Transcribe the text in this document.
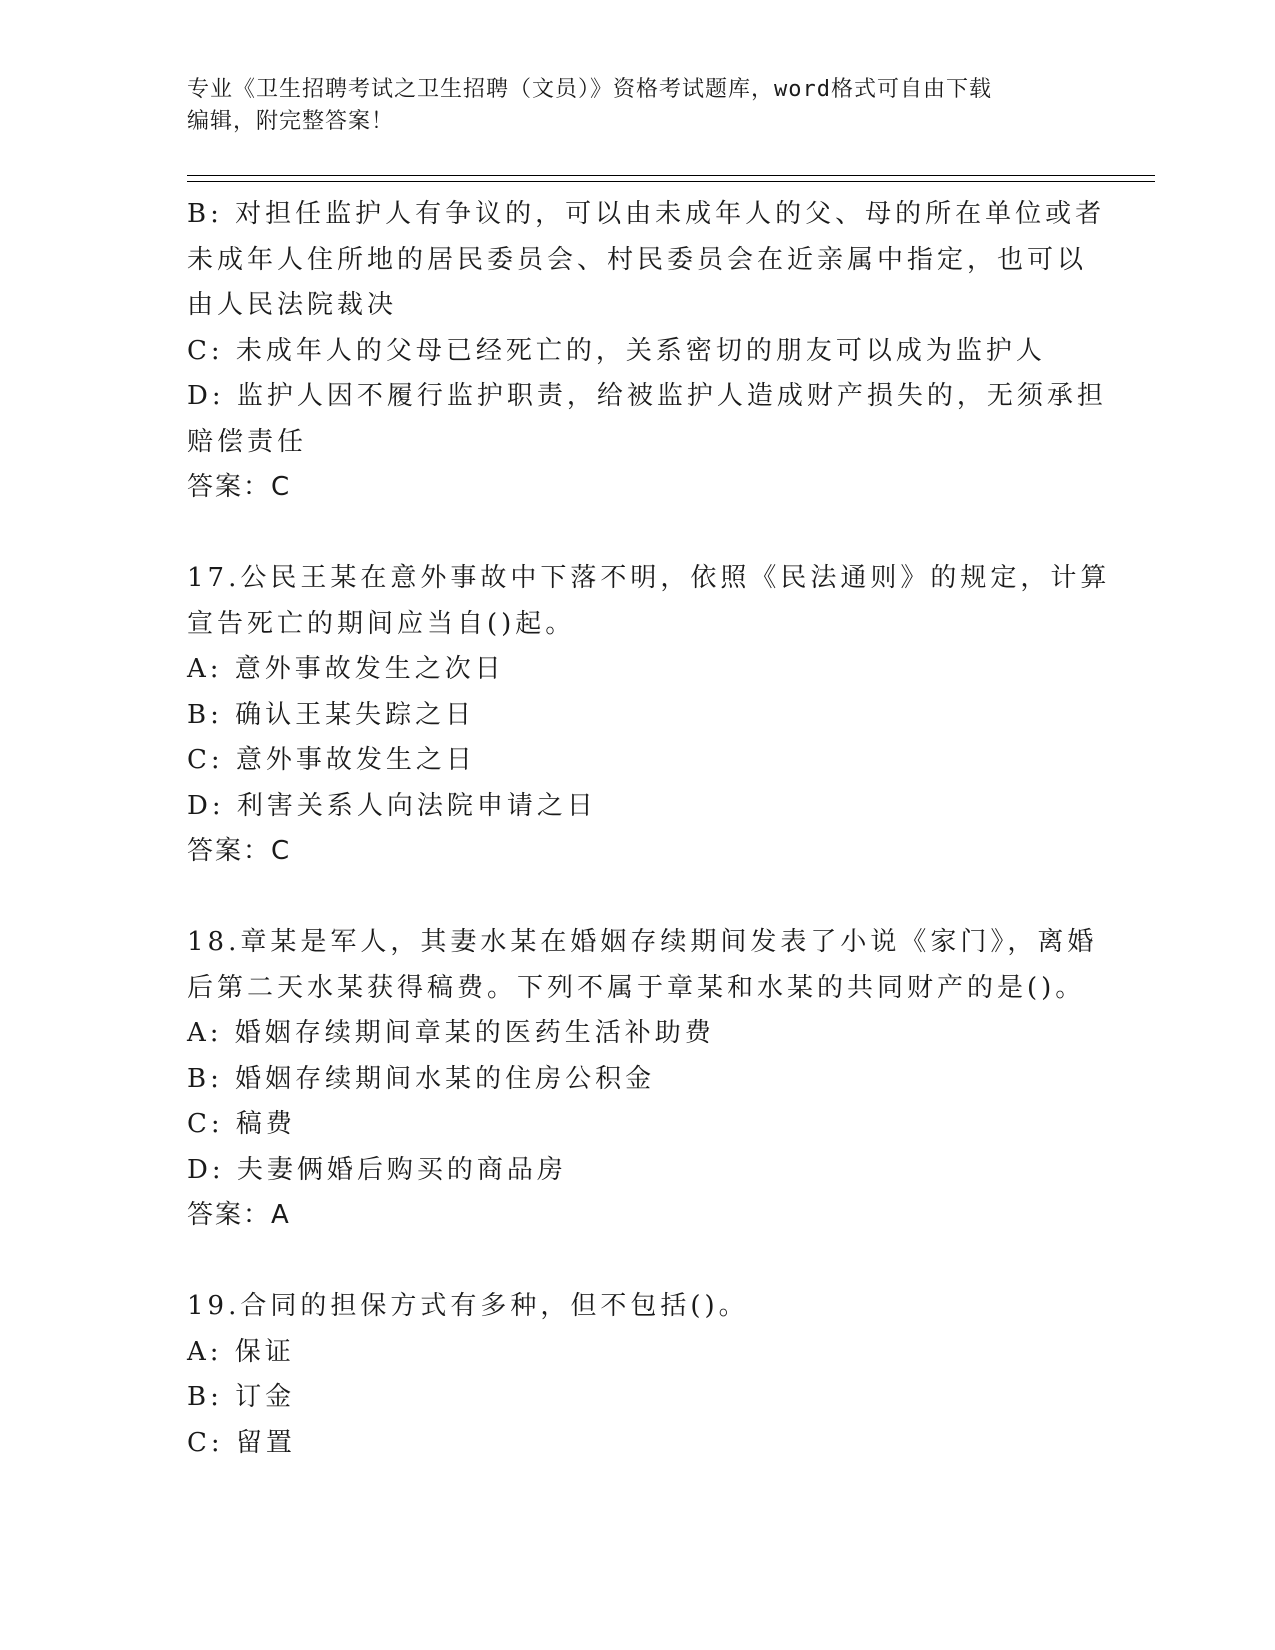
专业《卫生招聘考试之卫生招聘（文员）》资格考试题库，word格式可自由下载
编辑，附完整答案！
B: 对担任监护人有争议的，可以由未成年人的父、母的所在单位或者
未成年人住所地的居民委员会、村民委员会在近亲属中指定，也可以
由人民法院裁决
C: 未成年人的父母已经死亡的，关系密切的朋友可以成为监护人
D: 监护人因不履行监护职责，给被监护人造成财产损失的，无须承担
赔偿责任
答案：C
17.公民王某在意外事故中下落不明，依照《民法通则》的规定，计算
宣告死亡的期间应当自()起。
A: 意外事故发生之次日
B: 确认王某失踪之日
C: 意外事故发生之日
D: 利害关系人向法院申请之日
答案：C
18.章某是军人，其妻水某在婚姻存续期间发表了小说《家门》，离婚
后第二天水某获得稿费。下列不属于章某和水某的共同财产的是()。
A: 婚姻存续期间章某的医药生活补助费
B: 婚姻存续期间水某的住房公积金
C: 稿费
D: 夫妻俩婚后购买的商品房
答案：A
19.合同的担保方式有多种，但不包括()。
A: 保证
B: 订金
C: 留置
